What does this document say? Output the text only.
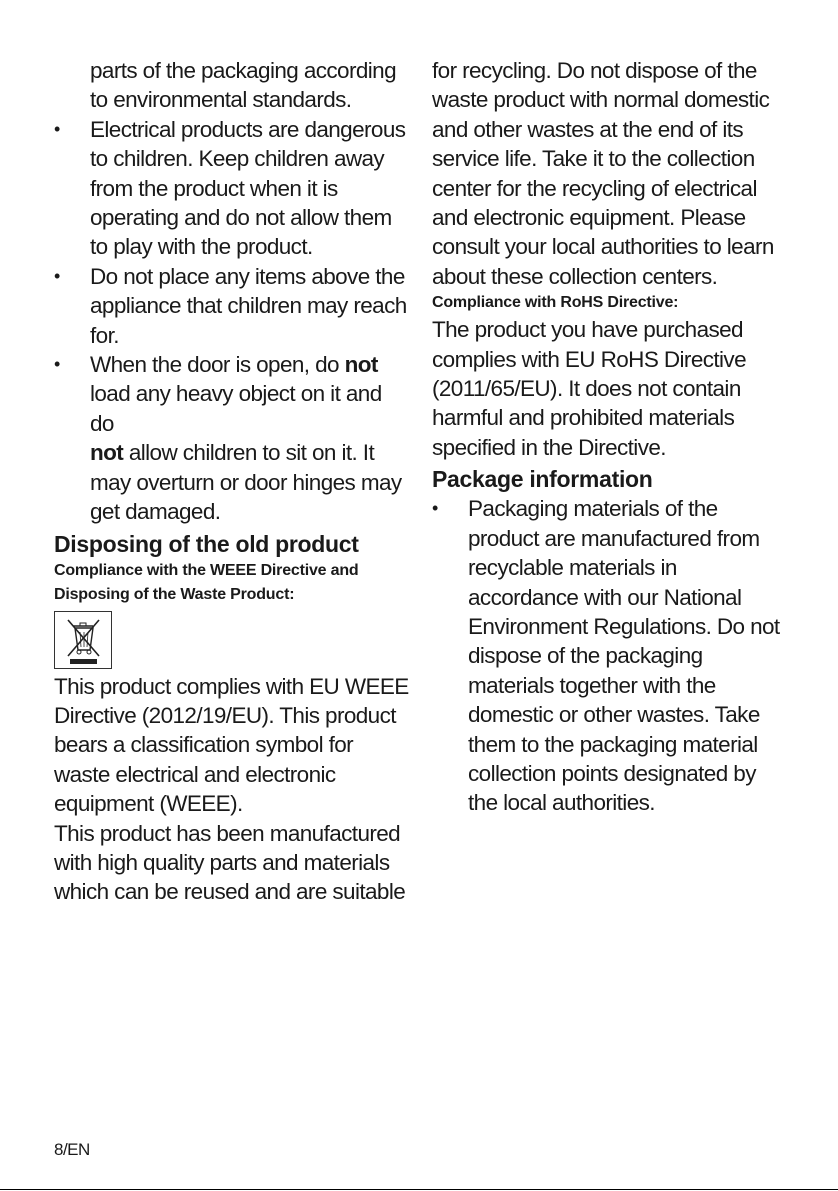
parts of the packaging according

to environmental standards.

•	Electrical products are dangerous

to children. Keep children away

from the product when it is

operating and do not allow them

to play with the product.

•	Do not place any items above the

appliance that children may reach

for.

•	When the door is open, do not

load any heavy object on it and do

not allow children to sit on it. It

may overturn or door hinges may

get damaged.

Disposing of the old product
Compliance with the WEEE Directive and
Disposing of the Waste Product:

This product complies with EU WEEE

Directive (2012/19/EU). This product

bears a classification symbol for

waste electrical and electronic

equipment (WEEE).

This product has been manufactured

with high quality parts and materials

which can be reused and are suitable

for recycling. Do not dispose of the

waste product with normal domestic

and other wastes at the end of its

service life. Take it to the collection

center for the recycling of electrical

and electronic equipment. Please

consult your local authorities to learn

about these collection centers.

Compliance with RoHS Directive:

The product you have purchased

complies with EU RoHS Directive

(2011/65/EU). It does not contain

harmful and prohibited materials

specified in the Directive.

Package information
•	Packaging materials of the

product are manufactured from

recyclable materials in

accordance with our National

Environment Regulations. Do not

dispose of the packaging

materials together with the

domestic or other wastes. Take

them to the packaging material

collection points designated by

the local authorities.

8/EN
